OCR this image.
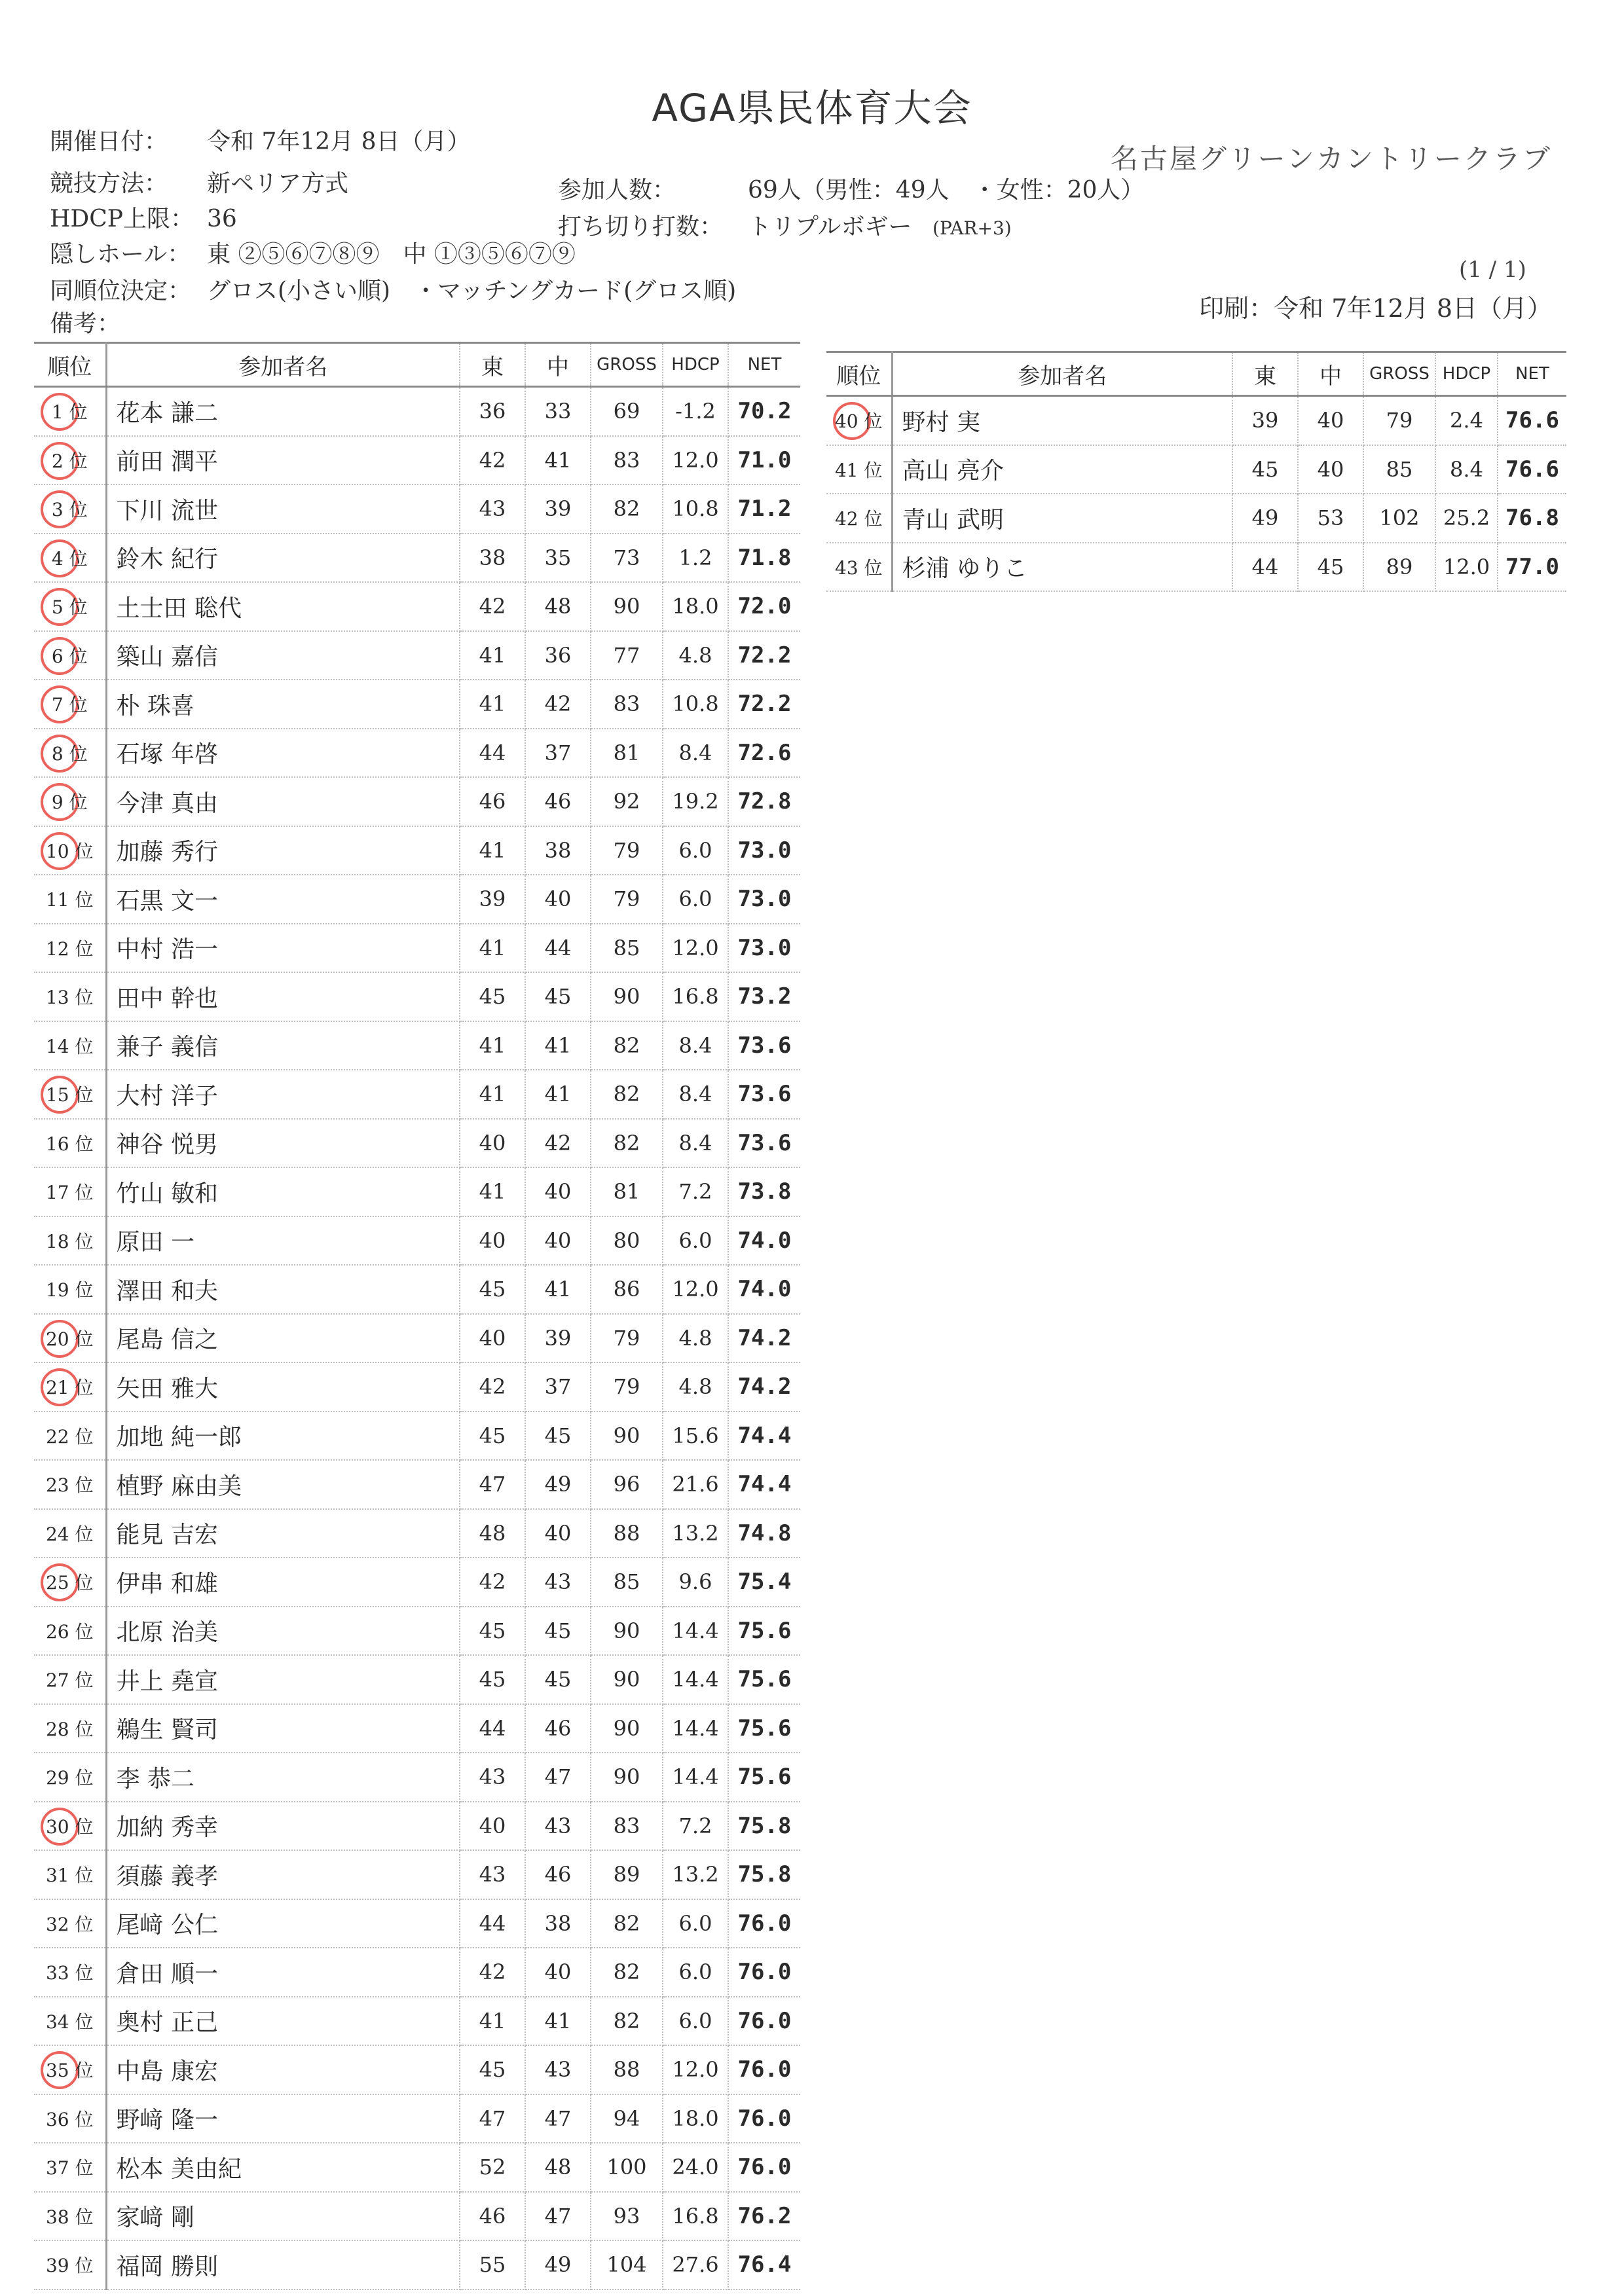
AGA県民体育大会
開催日付： 令和 7年12月 8日（月）
競技方法： 新ペリア方式
HDCP上限： 36
隠しホール： 東 ②⑤⑥⑦⑧⑨　中 ①③⑤⑥⑦⑨
同順位決定： グロス(小さい順)　・マッチングカード(グロス順)
備考：
参加人数：	69人（男性：49人　・女性：20人）
打ち切り打数： トリプルボギー (PAR+3)
名古屋グリーンカントリークラブ
(1 / 1)
印刷：令和 7年12月 8日（月）
順位	参加者名	東	中	GROSS	HDCP	NET

1 位	花本 謙二	36	33	69	-1.2	70.2

2 位	前田 潤平	42	41	83	12.0	71.0

3 位	下川 流世	43	39	82	10.8	71.2

4 位	鈴木 紀行	38	35	73	1.2	71.8

5 位	土士田 聡代	42	48	90	18.0	72.0

6 位	築山 嘉信	41	36	77	4.8	72.2

7 位	朴 珠喜	41	42	83	10.8	72.2

8 位	石塚 年啓	44	37	81	8.4	72.6

9 位	今津 真由	46	46	92	19.2	72.8

10 位	加藤 秀行	41	38	79	6.0	73.0
11 位	石黒 文一	39	40	79	6.0	73.0
12 位	中村 浩一	41	44	85	12.0	73.0
13 位	田中 幹也	45	45	90	16.8	73.2
14 位	兼子 義信	41	41	82	8.4	73.6

15 位	大村 洋子	41	41	82	8.4	73.6
16 位	神谷 悦男	40	42	82	8.4	73.6
17 位	竹山 敏和	41	40	81	7.2	73.8
18 位	原田 一	40	40	80	6.0	74.0
19 位	澤田 和夫	45	41	86	12.0	74.0

20 位	尾島 信之	40	39	79	4.8	74.2

21 位	矢田 雅大	42	37	79	4.8	74.2
22 位	加地 純一郎	45	45	90	15.6	74.4
23 位	植野 麻由美	47	49	96	21.6	74.4
24 位	能見 吉宏	48	40	88	13.2	74.8

25 位	伊串 和雄	42	43	85	9.6	75.4
26 位	北原 治美	45	45	90	14.4	75.6
27 位	井上 堯宣	45	45	90	14.4	75.6
28 位	鵜生 賢司	44	46	90	14.4	75.6
29 位	李 恭二	43	47	90	14.4	75.6

30 位	加納 秀幸	40	43	83	7.2	75.8
31 位	須藤 義孝	43	46	89	13.2	75.8
32 位	尾﨑 公仁	44	38	82	6.0	76.0
33 位	倉田 順一	42	40	82	6.0	76.0
34 位	奥村 正己	41	41	82	6.0	76.0

35 位	中島 康宏	45	43	88	12.0	76.0
36 位	野﨑 隆一	47	47	94	18.0	76.0
37 位	松本 美由紀	52	48	100	24.0	76.0
38 位	家﨑 剛	46	47	93	16.8	76.2
39 位	福岡 勝則	55	49	104	27.6	76.4
順位	参加者名	東	中	GROSS	HDCP	NET

40 位	野村 実	39	40	79	2.4	76.6
41 位	高山 亮介	45	40	85	8.4	76.6
42 位	青山 武明	49	53	102	25.2	76.8
43 位	杉浦 ゆりこ	44	45	89	12.0	77.0
